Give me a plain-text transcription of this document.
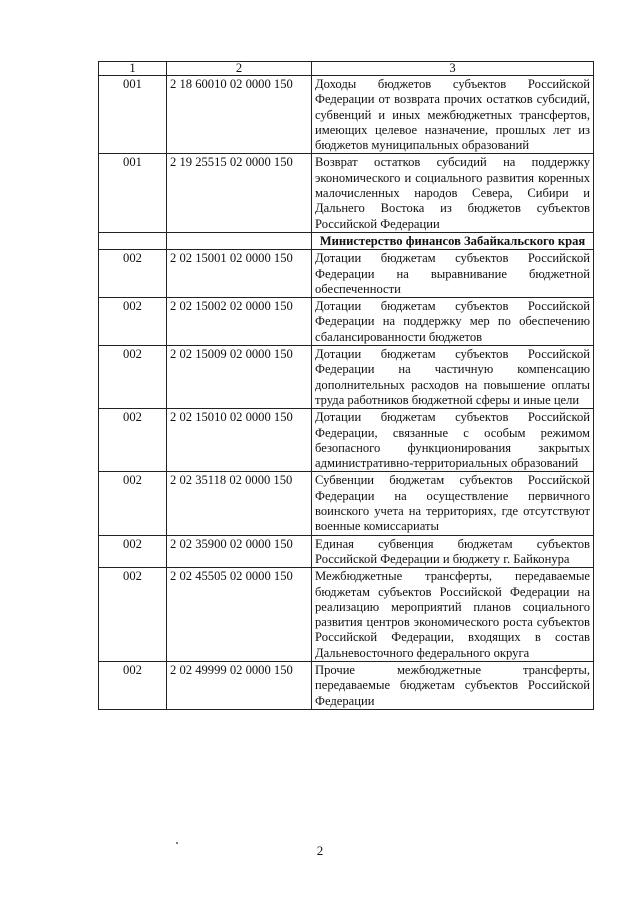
1	2	3
001	2 18 60010 02 0000 150	Доходы бюджетов субъектов Российской Федерации от возврата прочих остатков субсидий, субвенций и иных межбюджетных трансфертов, имеющих целевое назначение, прошлых лет из бюджетов муниципальных образований
001	2 19 25515 02 0000 150	Возврат остатков субсидий на поддержку экономического и социального развития коренных малочисленных народов Севера, Сибири и Дальнего Востока из бюджетов субъектов Российской Федерации
		Министерство финансов Забайкальского края
002	2 02 15001 02 0000 150	Дотации бюджетам субъектов Российской Федерации на выравнивание бюджетной обеспеченности
002	2 02 15002 02 0000 150	Дотации бюджетам субъектов Российской Федерации на поддержку мер по обеспечению сбалансированности бюджетов
002	2 02 15009 02 0000 150	Дотации бюджетам субъектов Российской Федерации на частичную компенсацию дополнительных расходов на повышение оплаты труда работников бюджетной сферы и иные цели
002	2 02 15010 02 0000 150	Дотации бюджетам субъектов Российской Федерации, связанные с особым режимом безопасного функционирования закрытых административно-территориальных образований
002	2 02 35118 02 0000 150	Субвенции бюджетам субъектов Российской Федерации на осуществление первичного воинского учета на территориях, где отсутствуют военные комиссариаты
002	2 02 35900 02 0000 150	Единая субвенция бюджетам субъектов Российской Федерации и бюджету г. Байконура
002	2 02 45505 02 0000 150	Межбюджетные трансферты, передаваемые бюджетам субъектов Российской Федерации на реализацию мероприятий планов социального развития центров экономического роста субъектов Российской Федерации, входящих в состав Дальневосточного федерального округа
002	2 02 49999 02 0000 150	Прочие межбюджетные трансферты, передаваемые бюджетам субъектов Российской Федерации
2
